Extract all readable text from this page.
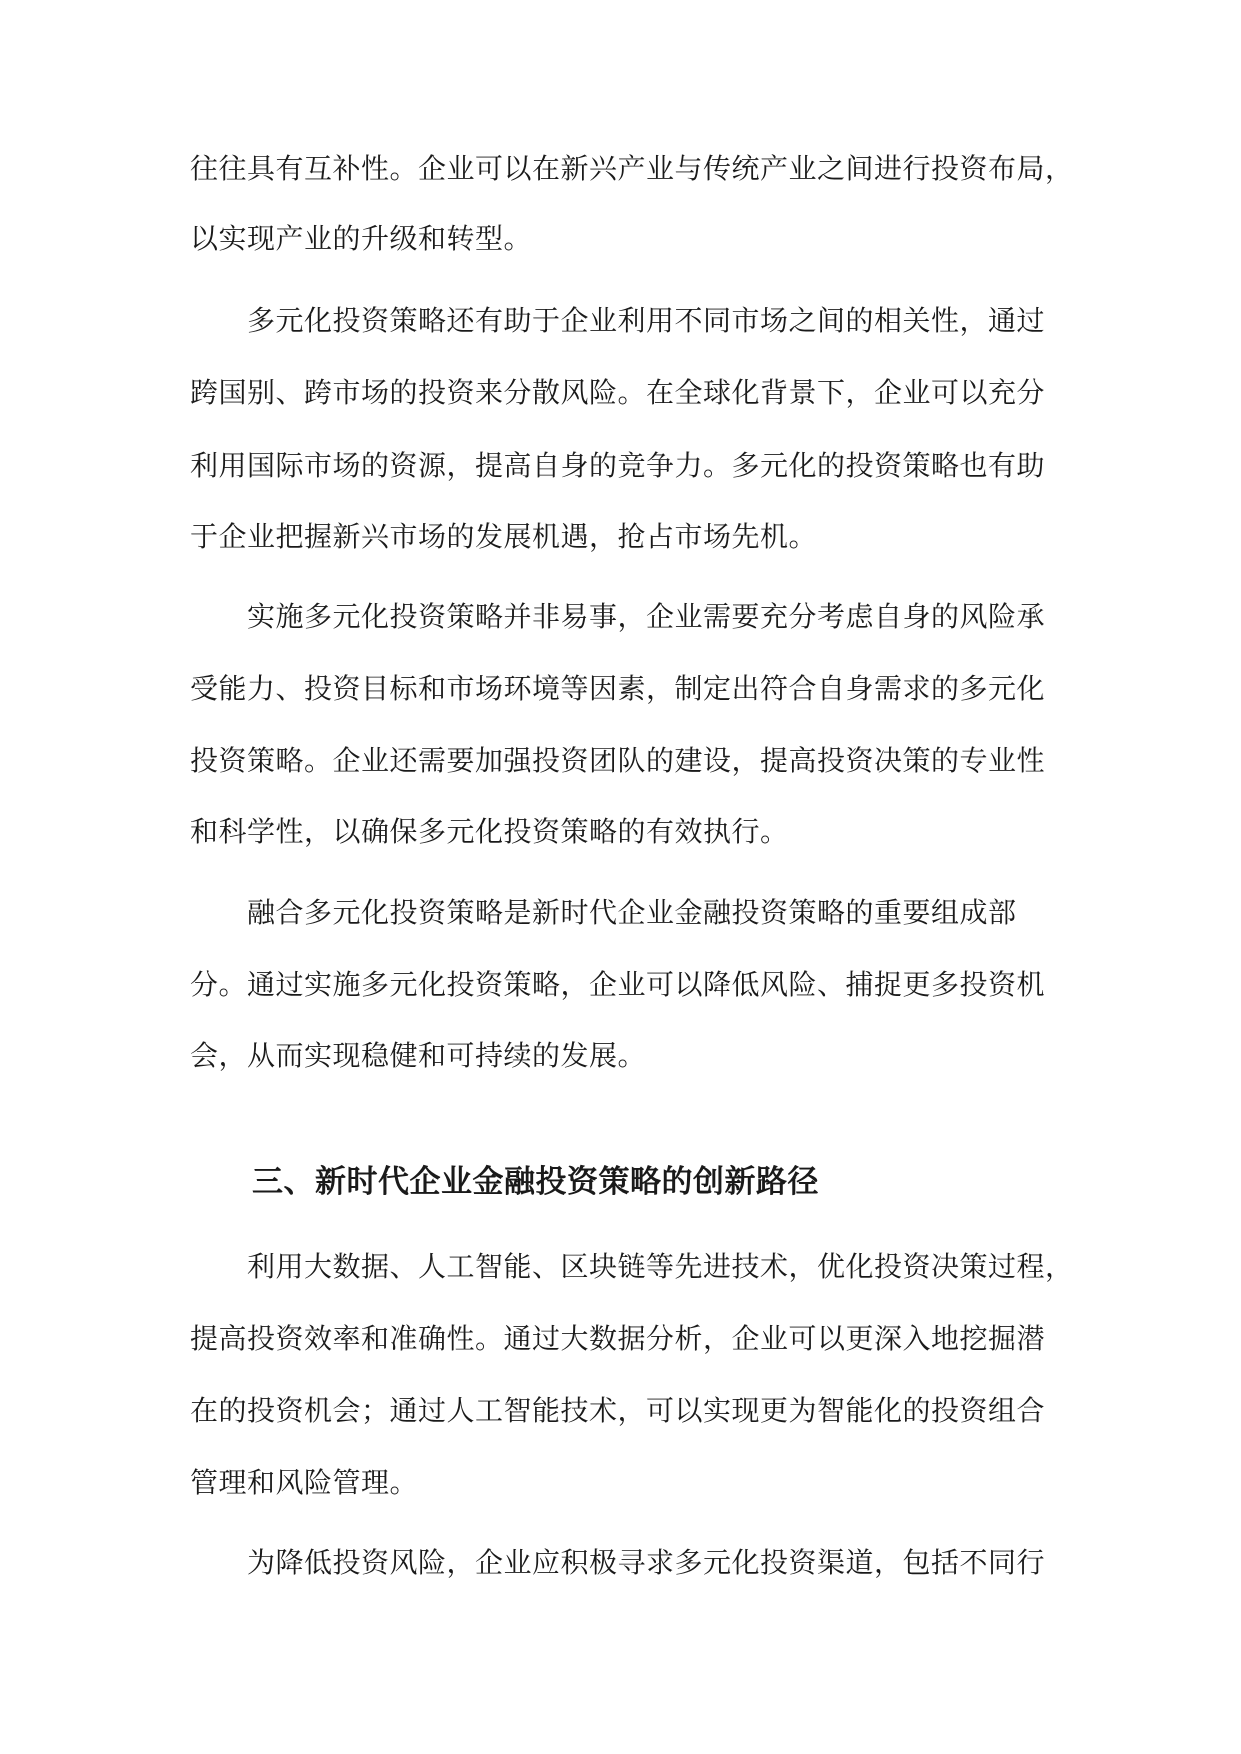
往往具有互补性。企业可以在新兴产业与传统产业之间进行投资布局，
以实现产业的升级和转型。
多元化投资策略还有助于企业利用不同市场之间的相关性，通过
跨国别、跨市场的投资来分散风险。在全球化背景下，企业可以充分
利用国际市场的资源，提高自身的竞争力。多元化的投资策略也有助
于企业把握新兴市场的发展机遇，抢占市场先机。
实施多元化投资策略并非易事，企业需要充分考虑自身的风险承
受能力、投资目标和市场环境等因素，制定出符合自身需求的多元化
投资策略。企业还需要加强投资团队的建设，提高投资决策的专业性
和科学性，以确保多元化投资策略的有效执行。
融合多元化投资策略是新时代企业金融投资策略的重要组成部
分。通过实施多元化投资策略，企业可以降低风险、捕捉更多投资机
会，从而实现稳健和可持续的发展。
三、新时代企业金融投资策略的创新路径
利用大数据、人工智能、区块链等先进技术，优化投资决策过程，
提高投资效率和准确性。通过大数据分析，企业可以更深入地挖掘潜
在的投资机会；通过人工智能技术，可以实现更为智能化的投资组合
管理和风险管理。
为降低投资风险，企业应积极寻求多元化投资渠道，包括不同行
